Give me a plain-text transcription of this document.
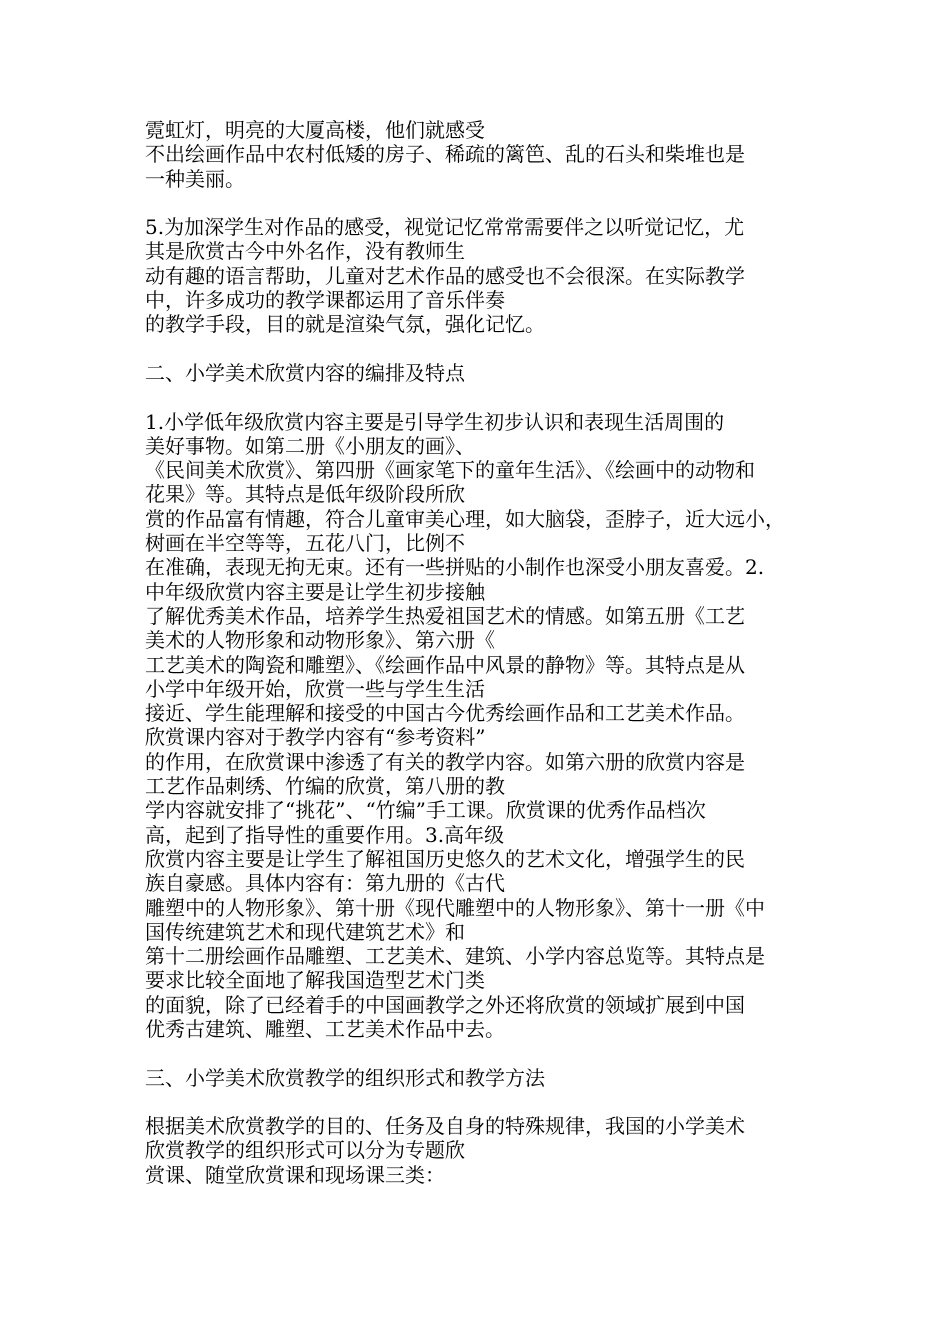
霓虹灯，明亮的大厦高楼，他们就感受
不出绘画作品中农村低矮的房子、稀疏的篱笆、乱的石头和柴堆也是
一种美丽。
5.为加深学生对作品的感受，视觉记忆常常需要伴之以听觉记忆，尤
其是欣赏古今中外名作，没有教师生
动有趣的语言帮助，儿童对艺术作品的感受也不会很深。在实际教学
中，许多成功的教学课都运用了音乐伴奏
的教学手段，目的就是渲染气氛，强化记忆。
二、小学美术欣赏内容的编排及特点
1.小学低年级欣赏内容主要是引导学生初步认识和表现生活周围的
美好事物。如第二册《小朋友的画》、
《民间美术欣赏》、第四册《画家笔下的童年生活》、《绘画中的动物和
花果》等。其特点是低年级阶段所欣
赏的作品富有情趣，符合儿童审美心理，如大脑袋，歪脖子，近大远小，
树画在半空等等，五花八门，比例不
在准确，表现无拘无束。还有一些拼贴的小制作也深受小朋友喜爱。2.
中年级欣赏内容主要是让学生初步接触
了解优秀美术作品，培养学生热爱祖国艺术的情感。如第五册《工艺
美术的人物形象和动物形象》、第六册《
工艺美术的陶瓷和雕塑》、《绘画作品中风景的静物》等。其特点是从
小学中年级开始，欣赏一些与学生生活
接近、学生能理解和接受的中国古今优秀绘画作品和工艺美术作品。
欣赏课内容对于教学内容有“参考资料”
的作用，在欣赏课中渗透了有关的教学内容。如第六册的欣赏内容是
工艺作品刺绣、竹编的欣赏，第八册的教
学内容就安排了“挑花”、“竹编”手工课。欣赏课的优秀作品档次
高，起到了指导性的重要作用。3.高年级
欣赏内容主要是让学生了解祖国历史悠久的艺术文化，增强学生的民
族自豪感。具体内容有：第九册的《古代
雕塑中的人物形象》、第十册《现代雕塑中的人物形象》、第十一册《中
国传统建筑艺术和现代建筑艺术》和
第十二册绘画作品雕塑、工艺美术、建筑、小学内容总览等。其特点是
要求比较全面地了解我国造型艺术门类
的面貌，除了已经着手的中国画教学之外还将欣赏的领域扩展到中国
优秀古建筑、雕塑、工艺美术作品中去。
三、小学美术欣赏教学的组织形式和教学方法
根据美术欣赏教学的目的、任务及自身的特殊规律，我国的小学美术
欣赏教学的组织形式可以分为专题欣
赏课、随堂欣赏课和现场课三类：
